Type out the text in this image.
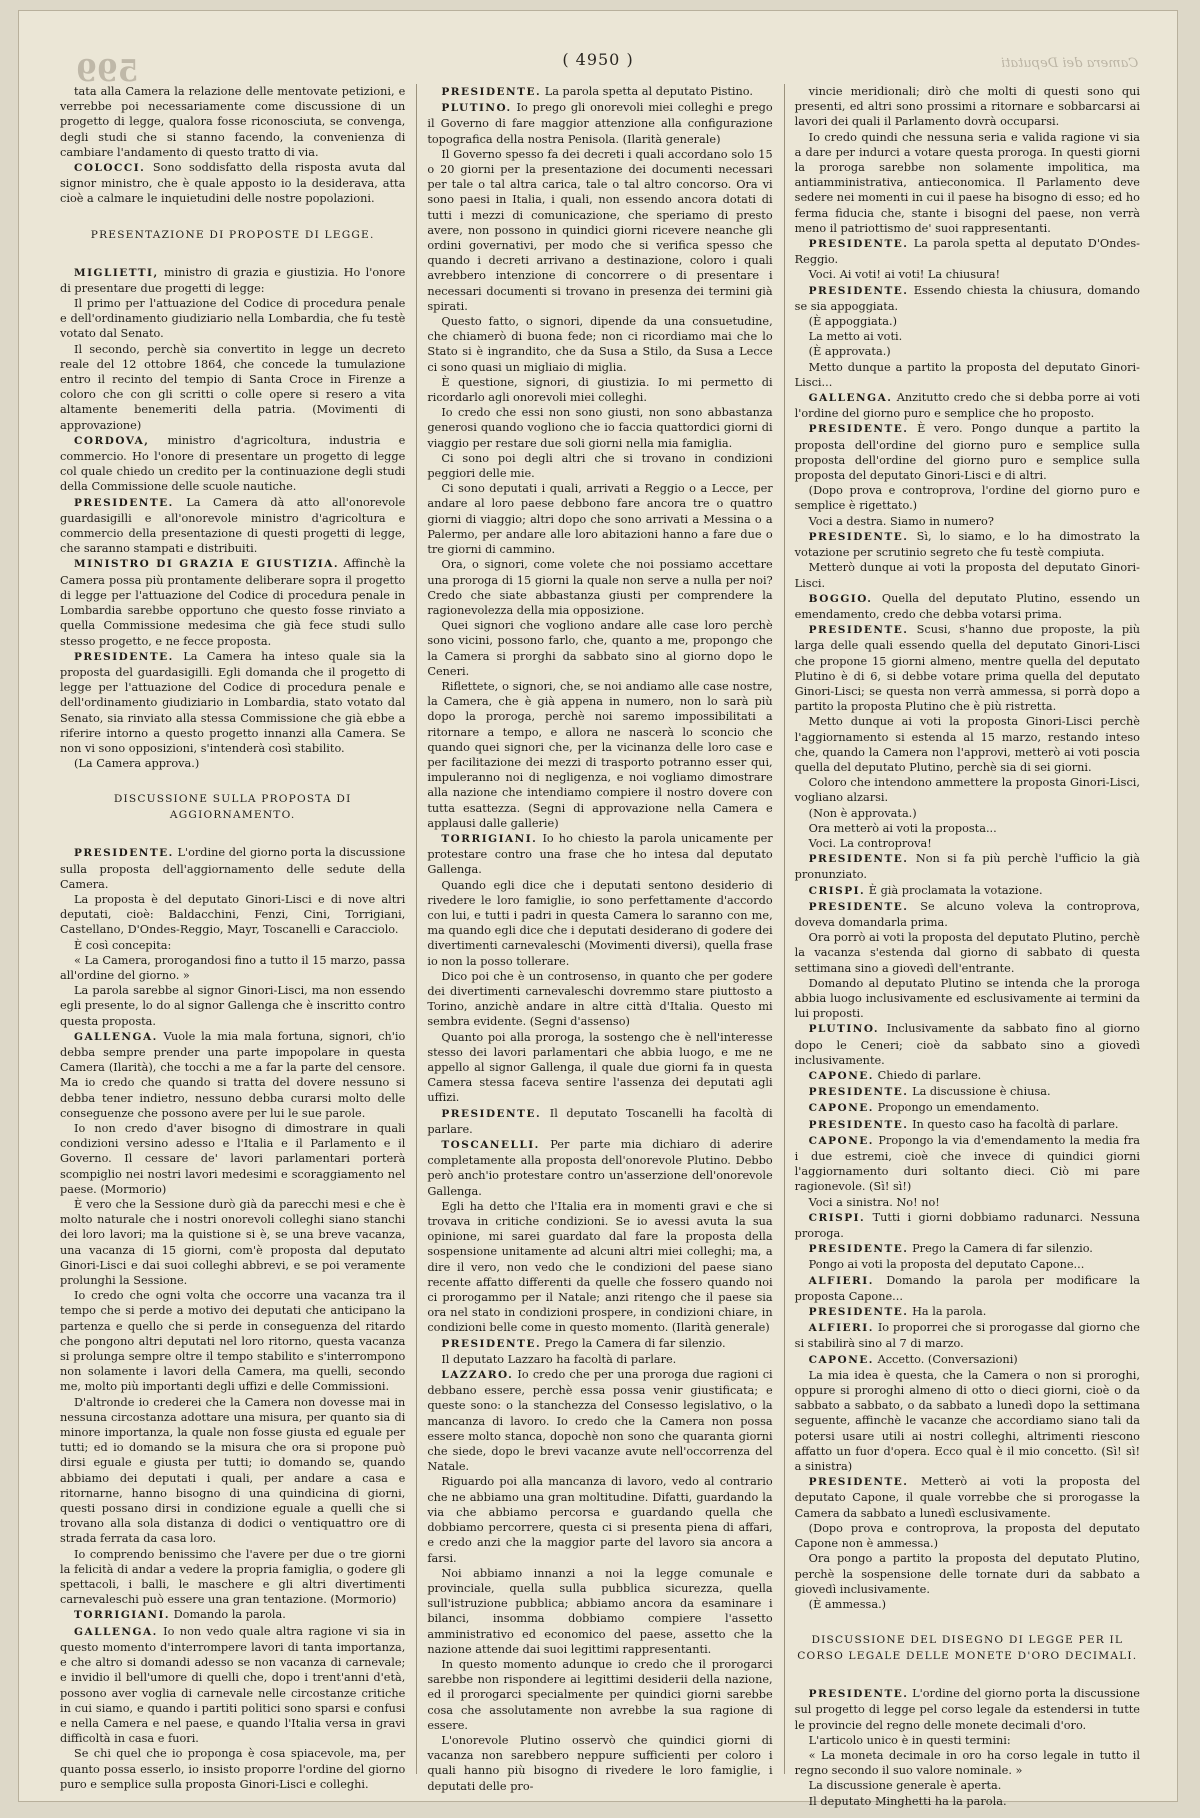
599	( 4950 )	Camera dei Deputati

tata alla Camera la relazione delle mentovate petizioni, e verrebbe poi necessariamente come discussione di un progetto di legge, qualora fosse riconosciuta, se convenga, degli studi che si stanno facendo, la convenienza di cambiare l'andamento di questo tratto di via.

COLOCCI. Sono soddisfatto della risposta avuta dal signor ministro, che è quale apposto io la desiderava, atta cioè a calmare le inquietudini delle nostre popolazioni.

PRESENTAZIONE DI PROPOSTE DI LEGGE.

MIGLIETTI, ministro di grazia e giustizia. Ho l'onore di presentare due progetti di legge:

Il primo per l'attuazione del Codice di procedura penale e dell'ordinamento giudiziario nella Lombardia, che fu testè votato dal Senato.

Il secondo, perchè sia convertito in legge un decreto reale del 12 ottobre 1864, che concede la tumulazione entro il recinto del tempio di Santa Croce in Firenze a coloro che con gli scritti o colle opere si resero a vita altamente benemeriti della patria. (Movimenti di approvazione)

CORDOVA, ministro d'agricoltura, industria e commercio. Ho l'onore di presentare un progetto di legge col quale chiedo un credito per la continuazione degli studi della Commissione delle scuole nautiche.

PRESIDENTE. La Camera dà atto all'onorevole guardasigilli e all'onorevole ministro d'agricoltura e commercio della presentazione di questi progetti di legge, che saranno stampati e distribuiti.

MINISTRO DI GRAZIA E GIUSTIZIA. Affinchè la Camera possa più prontamente deliberare sopra il progetto di legge per l'attuazione del Codice di procedura penale in Lombardia sarebbe opportuno che questo fosse rinviato a quella Commissione medesima che già fece studi sullo stesso progetto, e ne fecce proposta.

PRESIDENTE. La Camera ha inteso quale sia la proposta del guardasigilli. Egli domanda che il progetto di legge per l'attuazione del Codice di procedura penale e dell'ordinamento giudiziario in Lombardia, stato votato dal Senato, sia rinviato alla stessa Commissione che già ebbe a riferire intorno a questo progetto innanzi alla Camera. Se non vi sono opposizioni, s'intenderà così stabilito.

(La Camera approva.)

DISCUSSIONE SULLA PROPOSTA DI AGGIORNAMENTO.

PRESIDENTE. L'ordine del giorno porta la discussione sulla proposta dell'aggiornamento delle sedute della Camera.

La proposta è del deputato Ginori-Lisci e di nove altri deputati, cioè: Baldacchini, Fenzi, Cini, Torrigiani, Castellano, D'Ondes-Reggio, Mayr, Toscanelli e Caracciolo.

È così concepita:

« La Camera, prorogandosi fino a tutto il 15 marzo, passa all'ordine del giorno. »

La parola sarebbe al signor Ginori-Lisci, ma non essendo egli presente, lo do al signor Gallenga che è inscritto contro questa proposta.

GALLENGA. Vuole la mia mala fortuna, signori, ch'io debba sempre prender una parte impopolare in questa Camera (Ilarità), che tocchi a me a far la parte del censore. Ma io credo che quando si tratta del dovere nessuno si debba tener indietro, nessuno debba curarsi molto delle conseguenze che possono avere per lui le sue parole.

Io non credo d'aver bisogno di dimostrare in quali condizioni versino adesso e l'Italia e il Parlamento e il Governo. Il cessare de' lavori parlamentari porterà scompiglio nei nostri lavori medesimi e scoraggiamento nel paese. (Mormorio)

È vero che la Sessione durò già da parecchi mesi e che è molto naturale che i nostri onorevoli colleghi siano stanchi dei loro lavori; ma la quistione si è, se una breve vacanza, una vacanza di 15 giorni, com'è proposta dal deputato Ginori-Lisci e dai suoi colleghi abbrevi, e se poi veramente prolunghi la Sessione.

Io credo che ogni volta che occorre una vacanza tra il tempo che si perde a motivo dei deputati che anticipano la partenza e quello che si perde in conseguenza del ritardo che pongono altri deputati nel loro ritorno, questa vacanza si prolunga sempre oltre il tempo stabilito e s'interrompono non solamente i lavori della Camera, ma quelli, secondo me, molto più importanti degli uffizi e delle Commissioni.

D'altronde io crederei che la Camera non dovesse mai in nessuna circostanza adottare una misura, per quanto sia di minore importanza, la quale non fosse giusta ed eguale per tutti; ed io domando se la misura che ora si propone può dirsi eguale e giusta per tutti; io domando se, quando abbiamo dei deputati i quali, per andare a casa e ritornarne, hanno bisogno di una quindicina di giorni, questi possano dirsi in condizione eguale a quelli che si trovano alla sola distanza di dodici o ventiquattro ore di strada ferrata da casa loro.

Io comprendo benissimo che l'avere per due o tre giorni la felicità di andar a vedere la propria famiglia, o godere gli spettacoli, i balli, le maschere e gli altri divertimenti carnevaleschi può essere una gran tentazione. (Mormorio)

TORRIGIANI. Domando la parola.

GALLENGA. Io non vedo quale altra ragione vi sia in questo momento d'interrompere lavori di tanta importanza, e che altro si domandi adesso se non vacanza di carnevale; e invidio il bell'umore di quelli che, dopo i trent'anni d'età, possono aver voglia di carnevale nelle circostanze critiche in cui siamo, e quando i partiti politici sono sparsi e confusi e nella Camera e nel paese, e quando l'Italia versa in gravi difficoltà in casa e fuori.

Se chi quel che io proponga è cosa spiacevole, ma, per quanto possa esserlo, io insisto proporre l'ordine del giorno puro e semplice sulla proposta Ginori-Lisci e colleghi.

PRESIDENTE. La parola spetta al deputato Pistino.

PLUTINO. Io prego gli onorevoli miei colleghi e prego il Governo di fare maggior attenzione alla configurazione topografica della nostra Penisola. (Ilarità generale)

Il Governo spesso fa dei decreti i quali accordano solo 15 o 20 giorni per la presentazione dei documenti necessari per tale o tal altra carica, tale o tal altro concorso. Ora vi sono paesi in Italia, i quali, non essendo ancora dotati di tutti i mezzi di comunicazione, che speriamo di presto avere, non possono in quindici giorni ricevere neanche gli ordini governativi, per modo che si verifica spesso che quando i decreti arrivano a destinazione, coloro i quali avrebbero intenzione di concorrere o di presentare i necessari documenti si trovano in presenza dei termini già spirati.

Questo fatto, o signori, dipende da una consuetudine, che chiamerò di buona fede; non ci ricordiamo mai che lo Stato si è ingrandito, che da Susa a Stilo, da Susa a Lecce ci sono quasi un migliaio di miglia.

È questione, signori, di giustizia. Io mi permetto di ricordarlo agli onorevoli miei colleghi.

Io credo che essi non sono giusti, non sono abbastanza generosi quando vogliono che io faccia quattordici giorni di viaggio per restare due soli giorni nella mia famiglia.

Ci sono poi degli altri che si trovano in condizioni peggiori delle mie.

Ci sono deputati i quali, arrivati a Reggio o a Lecce, per andare al loro paese debbono fare ancora tre o quattro giorni di viaggio; altri dopo che sono arrivati a Messina o a Palermo, per andare alle loro abitazioni hanno a fare due o tre giorni di cammino.

Ora, o signori, come volete che noi possiamo accettare una proroga di 15 giorni la quale non serve a nulla per noi? Credo che siate abbastanza giusti per comprendere la ragionevolezza della mia opposizione.

Quei signori che vogliono andare alle case loro perchè sono vicini, possono farlo, che, quanto a me, propongo che la Camera si prorghi da sabbato sino al giorno dopo le Ceneri.

Riflettete, o signori, che, se noi andiamo alle case nostre, la Camera, che è già appena in numero, non lo sarà più dopo la proroga, perchè noi saremo impossibilitati a ritornare a tempo, e allora ne nascerà lo sconcio che quando quei signori che, per la vicinanza delle loro case e per facilitazione dei mezzi di trasporto potranno esser qui, impuleranno noi di negligenza, e noi vogliamo dimostrare alla nazione che intendiamo compiere il nostro dovere con tutta esattezza. (Segni di approvazione nella Camera e applausi dalle gallerie)

TORRIGIANI. Io ho chiesto la parola unicamente per protestare contro una frase che ho intesa dal deputato Gallenga.

Quando egli dice che i deputati sentono desiderio di rivedere le loro famiglie, io sono perfettamente d'accordo con lui, e tutti i padri in questa Camera lo saranno con me, ma quando egli dice che i deputati desiderano di godere dei divertimenti carnevaleschi (Movimenti diversi), quella frase io non la posso tollerare.

Dico poi che è un controsenso, in quanto che per godere dei divertimenti carnevaleschi dovremmo stare piuttosto a Torino, anzichè andare in altre città d'Italia. Questo mi sembra evidente. (Segni d'assenso)

Quanto poi alla proroga, la sostengo che è nell'interesse stesso dei lavori parlamentari che abbia luogo, e me ne appello al signor Gallenga, il quale due giorni fa in questa Camera stessa faceva sentire l'assenza dei deputati agli uffizi.

PRESIDENTE. Il deputato Toscanelli ha facoltà di parlare.

TOSCANELLI. Per parte mia dichiaro di aderire completamente alla proposta dell'onorevole Plutino. Debbo però anch'io protestare contro un'asserzione dell'onorevole Gallenga.

Egli ha detto che l'Italia era in momenti gravi e che si trovava in critiche condizioni. Se io avessi avuta la sua opinione, mi sarei guardato dal fare la proposta della sospensione unitamente ad alcuni altri miei colleghi; ma, a dire il vero, non vedo che le condizioni del paese siano recente affatto differenti da quelle che fossero quando noi ci prorogammo per il Natale; anzi ritengo che il paese sia ora nel stato in condizioni prospere, in condizioni chiare, in condizioni belle come in questo momento. (Ilarità generale)

PRESIDENTE. Prego la Camera di far silenzio.

Il deputato Lazzaro ha facoltà di parlare.

LAZZARO. Io credo che per una proroga due ragioni ci debbano essere, perchè essa possa venir giustificata; e queste sono: o la stanchezza del Consesso legislativo, o la mancanza di lavoro. Io credo che la Camera non possa essere molto stanca, dopochè non sono che quaranta giorni che siede, dopo le brevi vacanze avute nell'occorrenza del Natale.

Riguardo poi alla mancanza di lavoro, vedo al contrario che ne abbiamo una gran moltitudine. Difatti, guardando la via che abbiamo percorsa e guardando quella che dobbiamo percorrere, questa ci si presenta piena di affari, e credo anzi che la maggior parte del lavoro sia ancora a farsi.

Noi abbiamo innanzi a noi la legge comunale e provinciale, quella sulla pubblica sicurezza, quella sull'istruzione pubblica; abbiamo ancora da esaminare i bilanci, insomma dobbiamo compiere l'assetto amministrativo ed economico del paese, assetto che la nazione attende dai suoi legittimi rappresentanti.

In questo momento adunque io credo che il prorogarci sarebbe non rispondere ai legittimi desiderii della nazione, ed il prorogarci specialmente per quindici giorni sarebbe cosa che assolutamente non avrebbe la sua ragione di essere.

L'onorevole Plutino osservò che quindici giorni di vacanza non sarebbero neppure sufficienti per coloro i quali hanno più bisogno di rivedere le loro famiglie, i deputati delle pro-

vincie meridionali; dirò che molti di questi sono qui presenti, ed altri sono prossimi a ritornare e sobbarcarsi ai lavori dei quali il Parlamento dovrà occuparsi.

Io credo quindi che nessuna seria e valida ragione vi sia a dare per indurci a votare questa proroga. In questi giorni la proroga sarebbe non solamente impolitica, ma antiamministrativa, antieconomica. Il Parlamento deve sedere nei momenti in cui il paese ha bisogno di esso; ed ho ferma fiducia che, stante i bisogni del paese, non verrà meno il patriottismo de' suoi rappresentanti.

PRESIDENTE. La parola spetta al deputato D'Ondes-Reggio.

Voci. Ai voti! ai voti! La chiusura!

PRESIDENTE. Essendo chiesta la chiusura, domando se sia appoggiata.

(È appoggiata.)

La metto ai voti.

(È approvata.)

Metto dunque a partito la proposta del deputato Ginori-Lisci...

GALLENGA. Anzitutto credo che si debba porre ai voti l'ordine del giorno puro e semplice che ho proposto.

PRESIDENTE. È vero. Pongo dunque a partito la proposta dell'ordine del giorno puro e semplice sulla proposta dell'ordine del giorno puro e semplice sulla proposta del deputato Ginori-Lisci e di altri.

(Dopo prova e controprova, l'ordine del giorno puro e semplice è rigettato.)

Voci a destra. Siamo in numero?

PRESIDENTE. Sì, lo siamo, e lo ha dimostrato la votazione per scrutinio segreto che fu testè compiuta.

Metterò dunque ai voti la proposta del deputato Ginori-Lisci.

BOGGIO. Quella del deputato Plutino, essendo un emendamento, credo che debba votarsi prima.

PRESIDENTE. Scusi, s'hanno due proposte, la più larga delle quali essendo quella del deputato Ginori-Lisci che propone 15 giorni almeno, mentre quella del deputato Plutino è di 6, si debbe votare prima quella del deputato Ginori-Lisci; se questa non verrà ammessa, si porrà dopo a partito la proposta Plutino che è più ristretta.

Metto dunque ai voti la proposta Ginori-Lisci perchè l'aggiornamento si estenda al 15 marzo, restando inteso che, quando la Camera non l'approvi, metterò ai voti poscia quella del deputato Plutino, perchè sia di sei giorni.

Coloro che intendono ammettere la proposta Ginori-Lisci, vogliano alzarsi.

(Non è approvata.)

Ora metterò ai voti la proposta...

Voci. La controprova!

PRESIDENTE. Non si fa più perchè l'ufficio la già pronunziato.

CRISPI. È già proclamata la votazione.

PRESIDENTE. Se alcuno voleva la controprova, doveva domandarla prima.

Ora porrò ai voti la proposta del deputato Plutino, perchè la vacanza s'estenda dal giorno di sabbato di questa settimana sino a giovedì dell'entrante.

Domando al deputato Plutino se intenda che la proroga abbia luogo inclusivamente ed esclusivamente ai termini da lui proposti.

PLUTINO. Inclusivamente da sabbato fino al giorno dopo le Ceneri; cioè da sabbato sino a giovedì inclusivamente.

CAPONE. Chiedo di parlare.

PRESIDENTE. La discussione è chiusa.

CAPONE. Propongo un emendamento.

PRESIDENTE. In questo caso ha facoltà di parlare.

CAPONE. Propongo la via d'emendamento la media fra i due estremi, cioè che invece di quindici giorni l'aggiornamento duri soltanto dieci. Ciò mi pare ragionevole. (Sì! sì!)

Voci a sinistra. No! no!

CRISPI. Tutti i giorni dobbiamo radunarci. Nessuna proroga.

PRESIDENTE. Prego la Camera di far silenzio.

Pongo ai voti la proposta del deputato Capone...

ALFIERI. Domando la parola per modificare la proposta Capone...

PRESIDENTE. Ha la parola.

ALFIERI. Io proporrei che si prorogasse dal giorno che si stabilirà sino al 7 di marzo.

CAPONE. Accetto. (Conversazioni)

La mia idea è questa, che la Camera o non si proroghi, oppure si proroghi almeno di otto o dieci giorni, cioè o da sabbato a sabbato, o da sabbato a lunedì dopo la settimana seguente, affinchè le vacanze che accordiamo siano tali da potersi usare utili ai nostri colleghi, altrimenti riescono affatto un fuor d'opera. Ecco qual è il mio concetto. (Sì! sì! a sinistra)

PRESIDENTE. Metterò ai voti la proposta del deputato Capone, il quale vorrebbe che si prorogasse la Camera da sabbato a lunedì esclusivamente.

(Dopo prova e controprova, la proposta del deputato Capone non è ammessa.)

Ora pongo a partito la proposta del deputato Plutino, perchè la sospensione delle tornate duri da sabbato a giovedì inclusivamente.

(È ammessa.)

DISCUSSIONE DEL DISEGNO DI LEGGE PER IL CORSO LEGALE DELLE MONETE D'ORO DECIMALI.

PRESIDENTE. L'ordine del giorno porta la discussione sul progetto di legge pel corso legale da estendersi in tutte le provincie del regno delle monete decimali d'oro.

L'articolo unico è in questi termini:

« La moneta decimale in oro ha corso legale in tutto il regno secondo il suo valore nominale. »

La discussione generale è aperta.

Il deputato Minghetti ha la parola.
